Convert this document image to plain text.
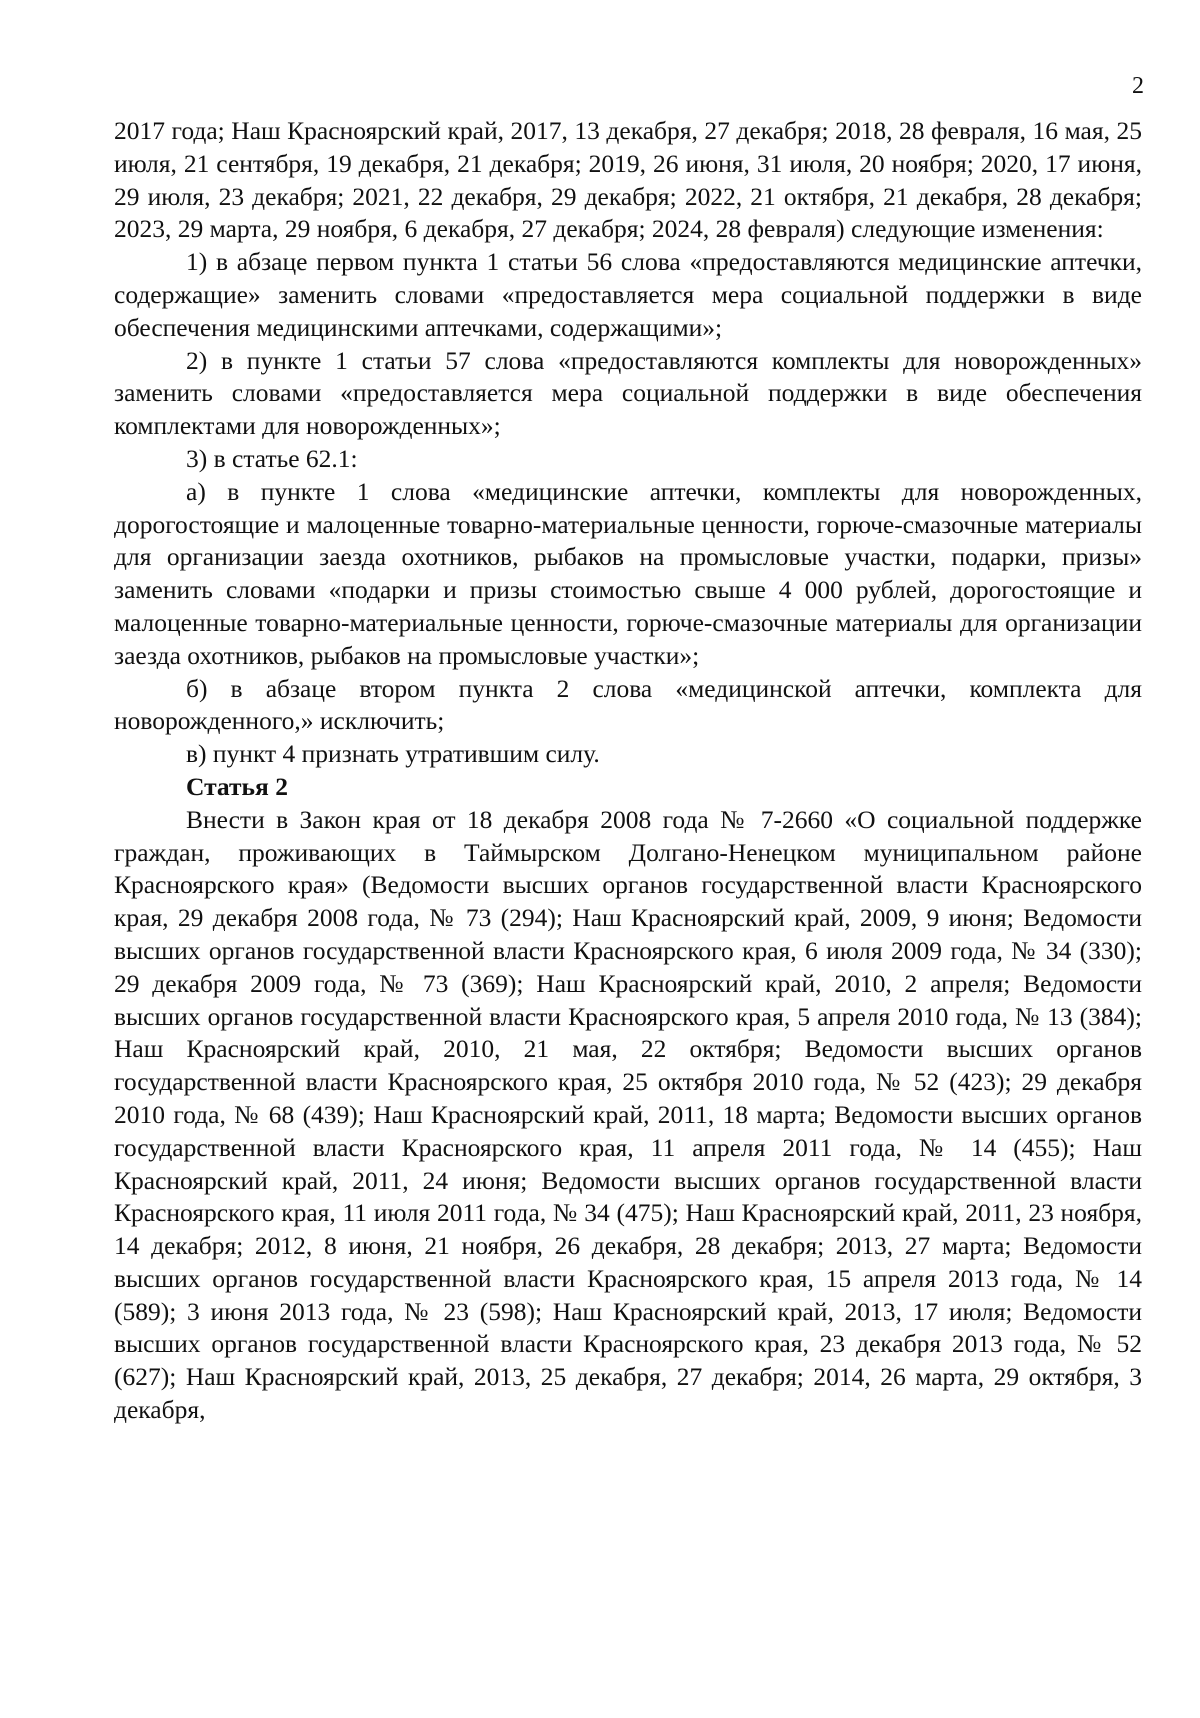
2

2017 года; Наш Красноярский край, 2017, 13 декабря, 27 декабря; 2018, 28 февраля, 16 мая, 25 июля, 21 сентября, 19 декабря, 21 декабря; 2019, 26 июня, 31 июля, 20 ноября; 2020, 17 июня, 29 июля, 23 декабря; 2021, 22 декабря, 29 декабря; 2022, 21 октября, 21 декабря, 28 декабря; 2023, 29 марта, 29 ноября, 6 декабря, 27 декабря; 2024, 28 февраля) следующие изменения:

1) в абзаце первом пункта 1 статьи 56 слова «предоставляются медицинские аптечки, содержащие» заменить словами «предоставляется мера социальной поддержки в виде обеспечения медицинскими аптечками, содержащими»;

2) в пункте 1 статьи 57 слова «предоставляются комплекты для новорожденных» заменить словами «предоставляется мера социальной поддержки в виде обеспечения комплектами для новорожденных»;

3) в статье 62.1:

а) в пункте 1 слова «медицинские аптечки, комплекты для новорожденных, дорогостоящие и малоценные товарно-материальные ценности, горюче-смазочные материалы для организации заезда охотников, рыбаков на промысловые участки, подарки, призы» заменить словами «подарки и призы стоимостью свыше 4 000 рублей, дорогостоящие и малоценные товарно-материальные ценности, горюче-смазочные материалы для организации заезда охотников, рыбаков на промысловые участки»;

б) в абзаце втором пункта 2 слова «медицинской аптечки, комплекта для новорожденного,» исключить;

в) пункт 4 признать утратившим силу.

Статья 2

Внести в Закон края от 18 декабря 2008 года № 7-2660 «О социальной поддержке граждан, проживающих в Таймырском Долгано-Ненецком муниципальном районе Красноярского края» (Ведомости высших органов государственной власти Красноярского края, 29 декабря 2008 года, № 73 (294); Наш Красноярский край, 2009, 9 июня; Ведомости высших органов государственной власти Красноярского края, 6 июля 2009 года, № 34 (330); 29 декабря 2009 года, № 73 (369); Наш Красноярский край, 2010, 2 апреля; Ведомости высших органов государственной власти Красноярского края, 5 апреля 2010 года, № 13 (384); Наш Красноярский край, 2010, 21 мая, 22 октября; Ведомости высших органов государственной власти Красноярского края, 25 октября 2010 года, № 52 (423); 29 декабря 2010 года, № 68 (439); Наш Красноярский край, 2011, 18 марта; Ведомости высших органов государственной власти Красноярского края, 11 апреля 2011 года, № 14 (455); Наш Красноярский край, 2011, 24 июня; Ведомости высших органов государственной власти Красноярского края, 11 июля 2011 года, № 34 (475); Наш Красноярский край, 2011, 23 ноября, 14 декабря; 2012, 8 июня, 21 ноября, 26 декабря, 28 декабря; 2013, 27 марта; Ведомости высших органов государственной власти Красноярского края, 15 апреля 2013 года, № 14 (589); 3 июня 2013 года, № 23 (598); Наш Красноярский край, 2013, 17 июля; Ведомости высших органов государственной власти Красноярского края, 23 декабря 2013 года, № 52 (627); Наш Красноярский край, 2013, 25 декабря, 27 декабря; 2014, 26 марта, 29 октября, 3 декабря,
